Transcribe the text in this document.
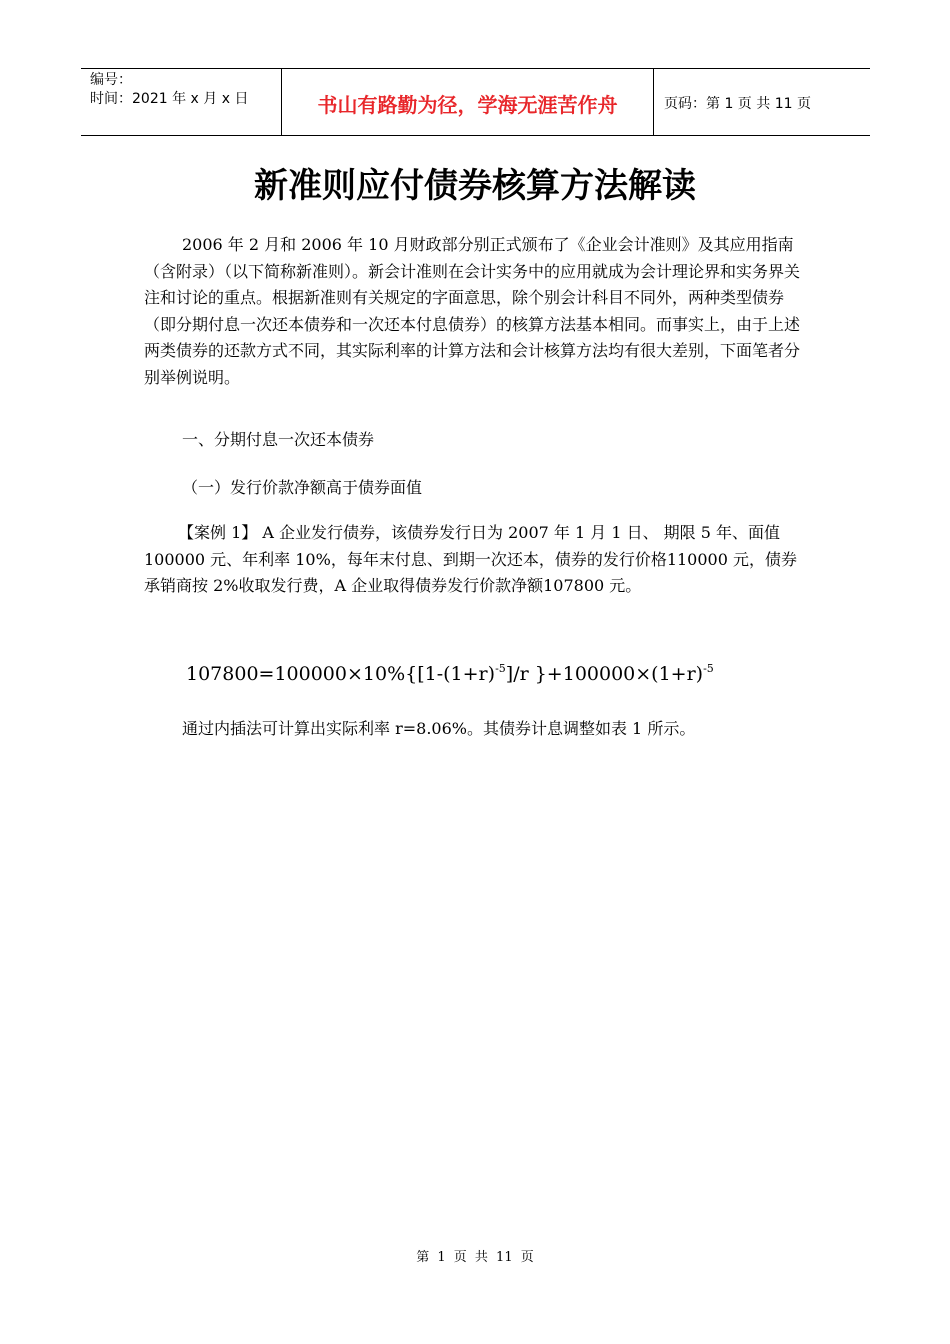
编号：
时间：2021 年 x 月 x 日	书山有路勤为径，学海无涯苦作舟	页码：第 1 页 共 11 页
新准则应付债券核算方法解读

2006 年 2 月和 2006 年 10 月财政部分别正式颁布了《企业会计准则》及其应用指南（含附录）（以下简称新准则）。新会计准则在会计实务中的应用就成为会计理论界和实务界关注和讨论的重点。根据新准则有关规定的字面意思，除个别会计科目不同外，两种类型债券（即分期付息一次还本债券和一次还本付息债券）的核算方法基本相同。而事实上，由于上述两类债券的还款方式不同，其实际利率的计算方法和会计核算方法均有很大差别，下面笔者分别举例说明。

一、分期付息一次还本债券

（一）发行价款净额高于债券面值

【案例 1】 A 企业发行债券，该债券发行日为 2007 年 1 月 1 日、 期限 5 年、面值 100000 元、年利率 10%，每年末付息、到期一次还本，债券的发行价格110000 元，债券承销商按 2%收取发行费，A 企业取得债券发行价款净额107800 元。

$107800=100000\times 10\%\{[1-(1+r)^{-5}]/r$ }$+100000\times(1+r)^{-5}$

通过内插法可计算出实际利率 r=8.06%。其债券计息调整如表 1 所示。

第 1 页 共 11 页
